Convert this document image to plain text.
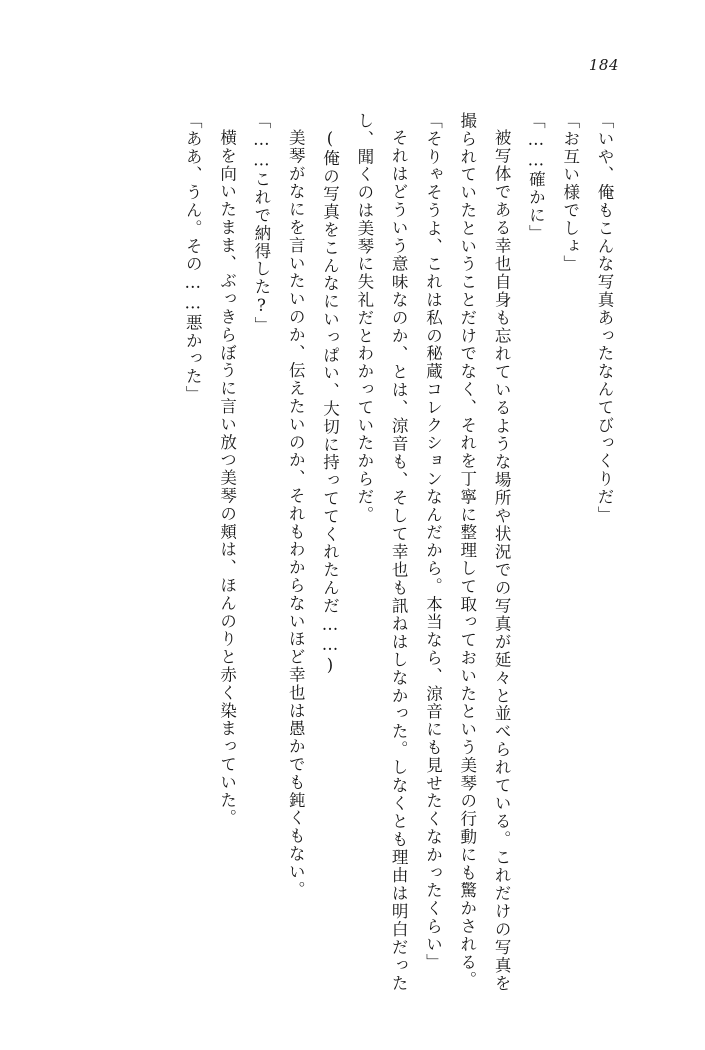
184

「いや、俺もこんな写真あったなんてびっくりだ」

「お互い様でしょ」

「……確かに」

被写体である幸也自身も忘れているような場所や状況での写真が延々と並べられている。これだけの写真を撮られていたということだけでなく、それを丁寧に整理して取っておいたという美琴の行動にも驚かされる。

「そりゃそうよ、これは私の秘蔵コレクションなんだから。本当なら、涼音にも見せたくなかったくらい」

それはどういう意味なのか、とは、涼音も、そして幸也も訊ねはしなかった。しなくとも理由は明白だったし、聞くのは美琴に失礼だとわかっていたからだ。

(俺の写真をこんなにいっぱい、大切に持っててくれたんだ……)

美琴がなにを言いたいのか、伝えたいのか、それもわからないほど幸也は愚かでも鈍くもない。

「……これで納得した?」

横を向いたまま、ぶっきらぼうに言い放つ美琴の頬は、ほんのりと赤く染まっていた。

「ああ、うん。その……悪かった」
